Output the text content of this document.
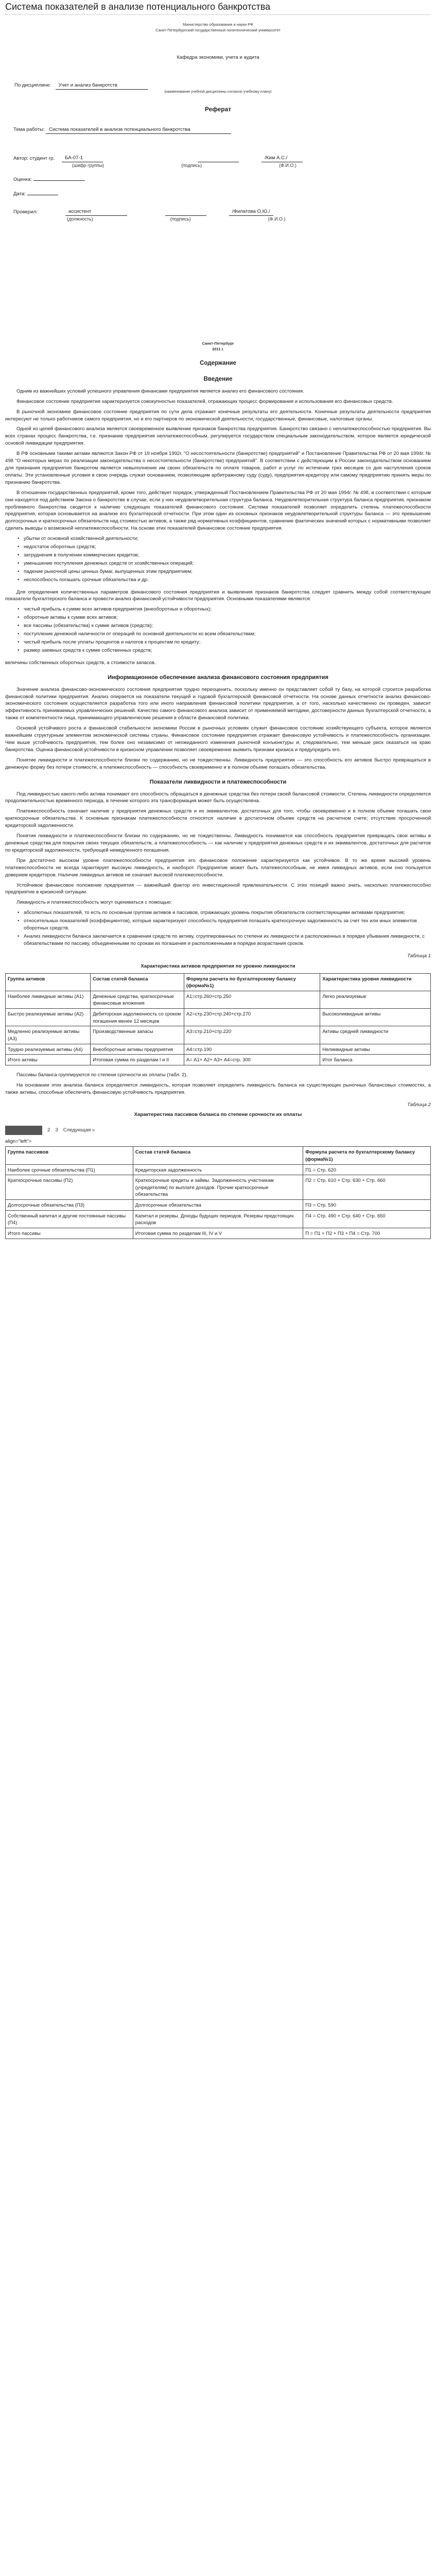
Система показателей в анализе потенциального банкротства
Министерство образования и науки РФ
Санкт-Петербургский государственный политехнический университет
Кафедра экономики, учета и аудита
По дисциплине: Учет и анализ банкротств
(наименование учебной дисциплины согласно учебному плану)
Реферат
Тема работы: Система показателей в анализе потенциального банкротства
Автор: студент гр.	БА-07-1	/Ким А.С./
(шифр группы)	(подпись)	(Ф.И.О.)
Оценка:
Дата:
Проверил:	ассистент	/Филатова О.Ю./
(должность)	(подпись)	(Ф.И.О.)
Санкт-Петербург
2011 г.
Содержание
Введение

Одним из важнейших условий успешного управления финансами предприятия является анализ его финансового состояния.

Финансовое состояние предприятия характеризуется совокупностью показателей, отражающих процесс формирования и использования его финансовых средств.

В рыночной экономике финансовое состояние предприятия по сути дела отражает конечные результаты его деятельности. Конечные результаты деятельности предприятия интересуют не только работников самого предприятия, но и его партнеров по экономической деятельности, государственные, финансовые, налоговые органы.

Одной из целей финансового анализа является своевременное выявление признаков банкротства предприятия. Банкротство связано с неплатежеспособностью предприятия. Вы всех странах процесс банкротства, т.е. признание предприятия неплатежеспособным, регулируется государством специальным законодательством, которое является юридической основой ликвидации предприятия.

В РФ основными такими актами являются Закон РФ от 19 ноября 1992г. "О несостоятельности (банкротстве) предприятий" и Постановление Правительства РФ от 20 мая 1994г. № 498 "О некоторых мерах по реализации законодательства о несостоятельности (банкротстве) предприятий". В соответствии с действующим в России законодательством основанием для признания предприятия банкротом является невыполнение им своих обязательств по оплате товаров, работ и услуг по истечении трех месяцев со дня наступления сроков оплаты. Эти установленные условия в свою очередь служат основанием, позволяющим арбитражному суду (суду), предприятия-кредитору или самому предприятию принять меры по признанию банкротства.

В отношении государственных предприятий, кроме того, действует порядок, утвержденный Постановлением Правительства РФ от 20 мая 1994г. № 498, в соответствии с которым они находятся под действием Закона о банкротстве в случае, если у них неудовлетворительная структура баланса. Неудовлетворительная структура баланса предприятия, признаком проблемного банкротства сводится к наличию следующих показателей финансового состояния. Система показателей позволяет определить степень платежеспособности предприятия, которая основывается на анализе его бухгалтерской отчетности. При этом один из основных признаков неудовлетворительной структуры баланса — это превышение долгосрочных и краткосрочных обязательств над стоимостью активов, а также ряд нормативных коэффициентов, сравнение фактических значений которых с нормативными позволяет сделать выводы о возможной неплатежеспособности. На основе этих показателей финансовое состояние предприятия.

• убытки от основной хозяйственной деятельности;
• недостаток оборотных средств;
• затруднения в получении коммерческих кредитов;
• уменьшение поступления денежных средств от хозяйственных операций;
• падение рыночной цены ценных бумаг, выпущенных этим предприятием;
• неспособность погашать срочные обязательства и др.

Для определения количественных параметров финансового состояния предприятия и выявления признаков банкротства следует сравнить между собой соответствующие показатели бухгалтерского баланса и провести анализ финансовой устойчивости предприятия. Основными показателями являются:

• чистый прибыль к сумме всех активов предприятия (внеоборотных и оборотных);
• оборотные активы к сумме всех активов;
• все пассивы (обязательства) к сумме активов (средств);
• поступление денежной наличности от операций по основной деятельности ко всем обязательствам;
• чистый прибыль после уплаты процентов и налогов к процентам по кредиту;
• размер заемных средств к сумме собственных средств;

величины собственных оборотных средств, а стоимости запасов.

Информационное обеспечение анализа финансового состояния предприятия

Значение анализа финансово-экономического состояния предприятия трудно переоценить, поскольку именно он представляет собой ту базу, на которой строится разработка финансовой политики предприятия. Анализ опирается на показатели текущей и годовой бухгалтерской финансовой отчетности. На основе данных отчетности анализ финансово-экономического состояния осуществляется разработка того или иного направления финансовой политики предприятия, а от того, насколько качественно он проведен, зависит эффективность принимаемых управленческих решений. Качество самого финансового анализа зависит от применяемой методики, достоверности данных бухгалтерской отчетности, а также от компетентности лица, принимающего управленческие решения в области финансовой политики.

Основой устойчивого роста и финансовой стабильности экономики России в рыночных условиях служит финансовое состояние хозяйствующего субъекта, которое является важнейшим структурным элементом экономической системы страны. Финансовое состояние предприятия отражает финансовую устойчивость и платежеспособность организации. Чем выше устойчивость предприятия, тем более оно независимо от неожиданного изменения рыночной конъюнктуры и, следовательно, тем меньше риск оказаться на краю банкротства. Оценка финансовой устойчивости в кризисном управлении позволяет своевременно выявить признаки кризиса и предупредить его.

Понятие ликвидности и платежеспособности близки по содержанию, но не тождественны. Ликвидность предприятия — это способность его активов быстро превращаться в денежную форму без потери стоимости, а платежеспособность — способность своевременно и в полном объеме погашать обязательства.

Показатели ликвидности и платежеспособности

Под ликвидностью какого-либо актива понимают его способность обращаться в денежные средства без потери своей балансовой стоимости. Степень ликвидности определяется продолжительностью временного периода, в течение которого эта трансформация может быть осуществлена.

Платежеспособность означает наличие у предприятия денежных средств и их эквивалентов, достаточных для того, чтобы своевременно и в полном объеме погашать свои краткосрочные обязательства. К основным признакам платежеспособности относятся: наличие в достаточном объеме средств на расчетном счете; отсутствие просроченной кредиторской задолженности.

Понятия ликвидности и платежеспособности близки по содержанию, но не тождественны. Ликвидность понимается как способность предприятия превращать свои активы в денежные средства для покрытия своих текущих обязательств, а платежеспособность — как наличие у предприятия денежных средств и их эквивалентов, достаточных для расчетов по кредиторской задолженности, требующей немедленного погашения.

При достаточно высоком уровне платежеспособности предприятия его финансовое положение характеризуется как устойчивое. В то же время высокий уровень платежеспособности не всегда гарантирует высокую ликвидность, и наоборот. Предприятие может быть платежеспособным, не имея ликвидных активов, если оно пользуется доверием кредиторов. Наличие ликвидных активов не означает высокой платежеспособности.

Устойчивое финансовое положение предприятия — важнейший фактор его инвестиционной привлекательности. С этих позиций важно знать, насколько платежеспособно предприятие в кризисной ситуации.

Ликвидность и платежеспособность могут оцениваться с помощью:

• абсолютных показателей, то есть по основным группам активов и пассивов, отражающих уровень покрытия обязательств соответствующими активами предприятия;
• относительных показателей (коэффициентов), которые характеризуют способность предприятия погашать краткосрочную задолженность за счет тех или иных элементов оборотных средств.
• Анализ ликвидности баланса заключается в сравнении средств по активу, сгруппированных по степени их ликвидности и расположенных в порядке убывания ликвидности, с обязательствами по пассиву, объединенными по срокам их погашения и расположенными в порядке возрастания сроков.
Таблица 1
Характеристика активов предприятия по уровню ликвидности
Группа активов	Состав статей баланса	Формула расчета по бухгалтерскому балансу (форма№1)	Характеристика уровня ликвидности
Наиболее ликвидные активы (А1)	Денежные средства, краткосрочные финансовые вложения	А1=стр.260+стр.250	Легко реализуемые
Быстро реализуемые активы (А2)	Дебиторская задолженность со сроком погашения менее 12 месяцев	А2=стр.230+стр.240+стр.270	Высоколиквидные активы
Медленно реализуемые активы (А3)	Производственные запасы	А3=стр.210+стр.220	Активы средней ликвидности
Трудно реализуемые активы (А4)	Внеоборотные активы предприятия	А4=стр.190	Неликвидные активы
Итого активы	Итоговая сумма по разделам I и II	А= А1+ А2+ А3+ А4=стр. 300	Итог баланса

Пассивы баланса группируются по степени срочности их оплаты (табл. 2).

На основании этих анализа баланса определяется ликвидность, которая позволяет определить ликвидность баланса на существующих рыночных балансовых стоимостях, а также активы, способные обеспечить финансовую устойчивость предприятия.

Таблица 2
Характеристика пассивов баланса по степени срочности их оплаты
2 3 Следующая »
align="left">
Группа пассивов	Состав статей баланса	Формула расчета по бухгалтерскому балансу (форма№1)
Наиболее срочные обязательства (П1)	Кредиторская задолженность	П1 = Стр. 620
Краткосрочные пассивы (П2)	Краткосрочные кредиты и займы. Задолженность участникам (учредителям) по выплате доходов. Прочие краткосрочные обязательства	П2 = Стр. 610 + Стр. 630 + Стр. 660
Долгосрочные обязательства (П3)	Долгосрочные обязательства	П3 = Стр. 590
Собственный капитал и другие постоянные пассивы (П4)	Капитал и резервы. Доходы будущих периодов. Резервы предстоящих расходов	П4 = Стр. 490 + Стр. 640 + Стр. 650
Итого пассивы	Итоговая сумма по разделам III, IV и V	П = П1 + П2 + П3 + П4 = Стр. 700
